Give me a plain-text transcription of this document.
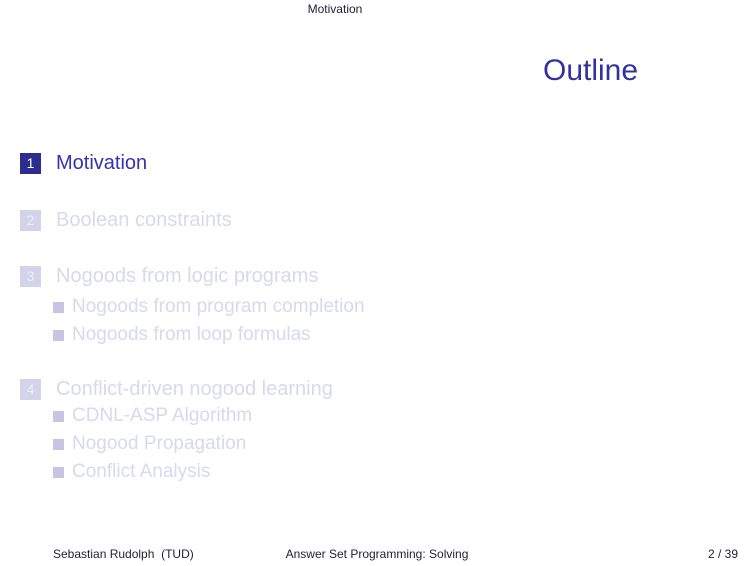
Motivation
Outline
1	Motivation
2	Boolean constraints
3	Nogoods from logic programs
Nogoods from program completion
Nogoods from loop formulas
4	Conflict-driven nogood learning
CDNL-ASP Algorithm
Nogood Propagation
Conflict Analysis
Sebastian Rudolph  (TUD)	Answer Set Programming: Solving	2 / 39
